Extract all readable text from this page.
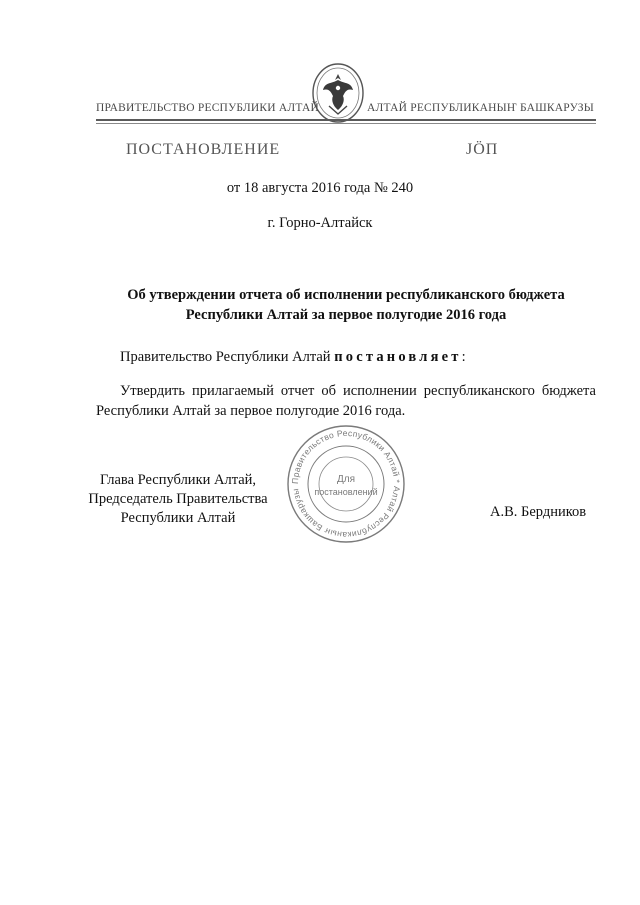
ПРАВИТЕЛЬСТВО РЕСПУБЛИКИ АЛТАЙ	АЛТАЙ РЕСПУБЛИКАНЫҤ БАШКАРУЗЫ
ПОСТАНОВЛЕНИЕ	ЈÖП
от 18 августа 2016 года № 240
г. Горно-Алтайск
Об утверждении отчета об исполнении республиканского бюджета Республики Алтай за первое полугодие 2016 года
Правительство Республики Алтай постановляет:
Утвердить прилагаемый отчет об исполнении республиканского бюджета Республики Алтай за первое полугодие 2016 года.
Глава Республики Алтай,
Председатель Правительства
Республики Алтай	А.В. Бердников
Правительство Республики Алтай * Алтай Республиканыҥ Башкарузы
Для
постановлений
